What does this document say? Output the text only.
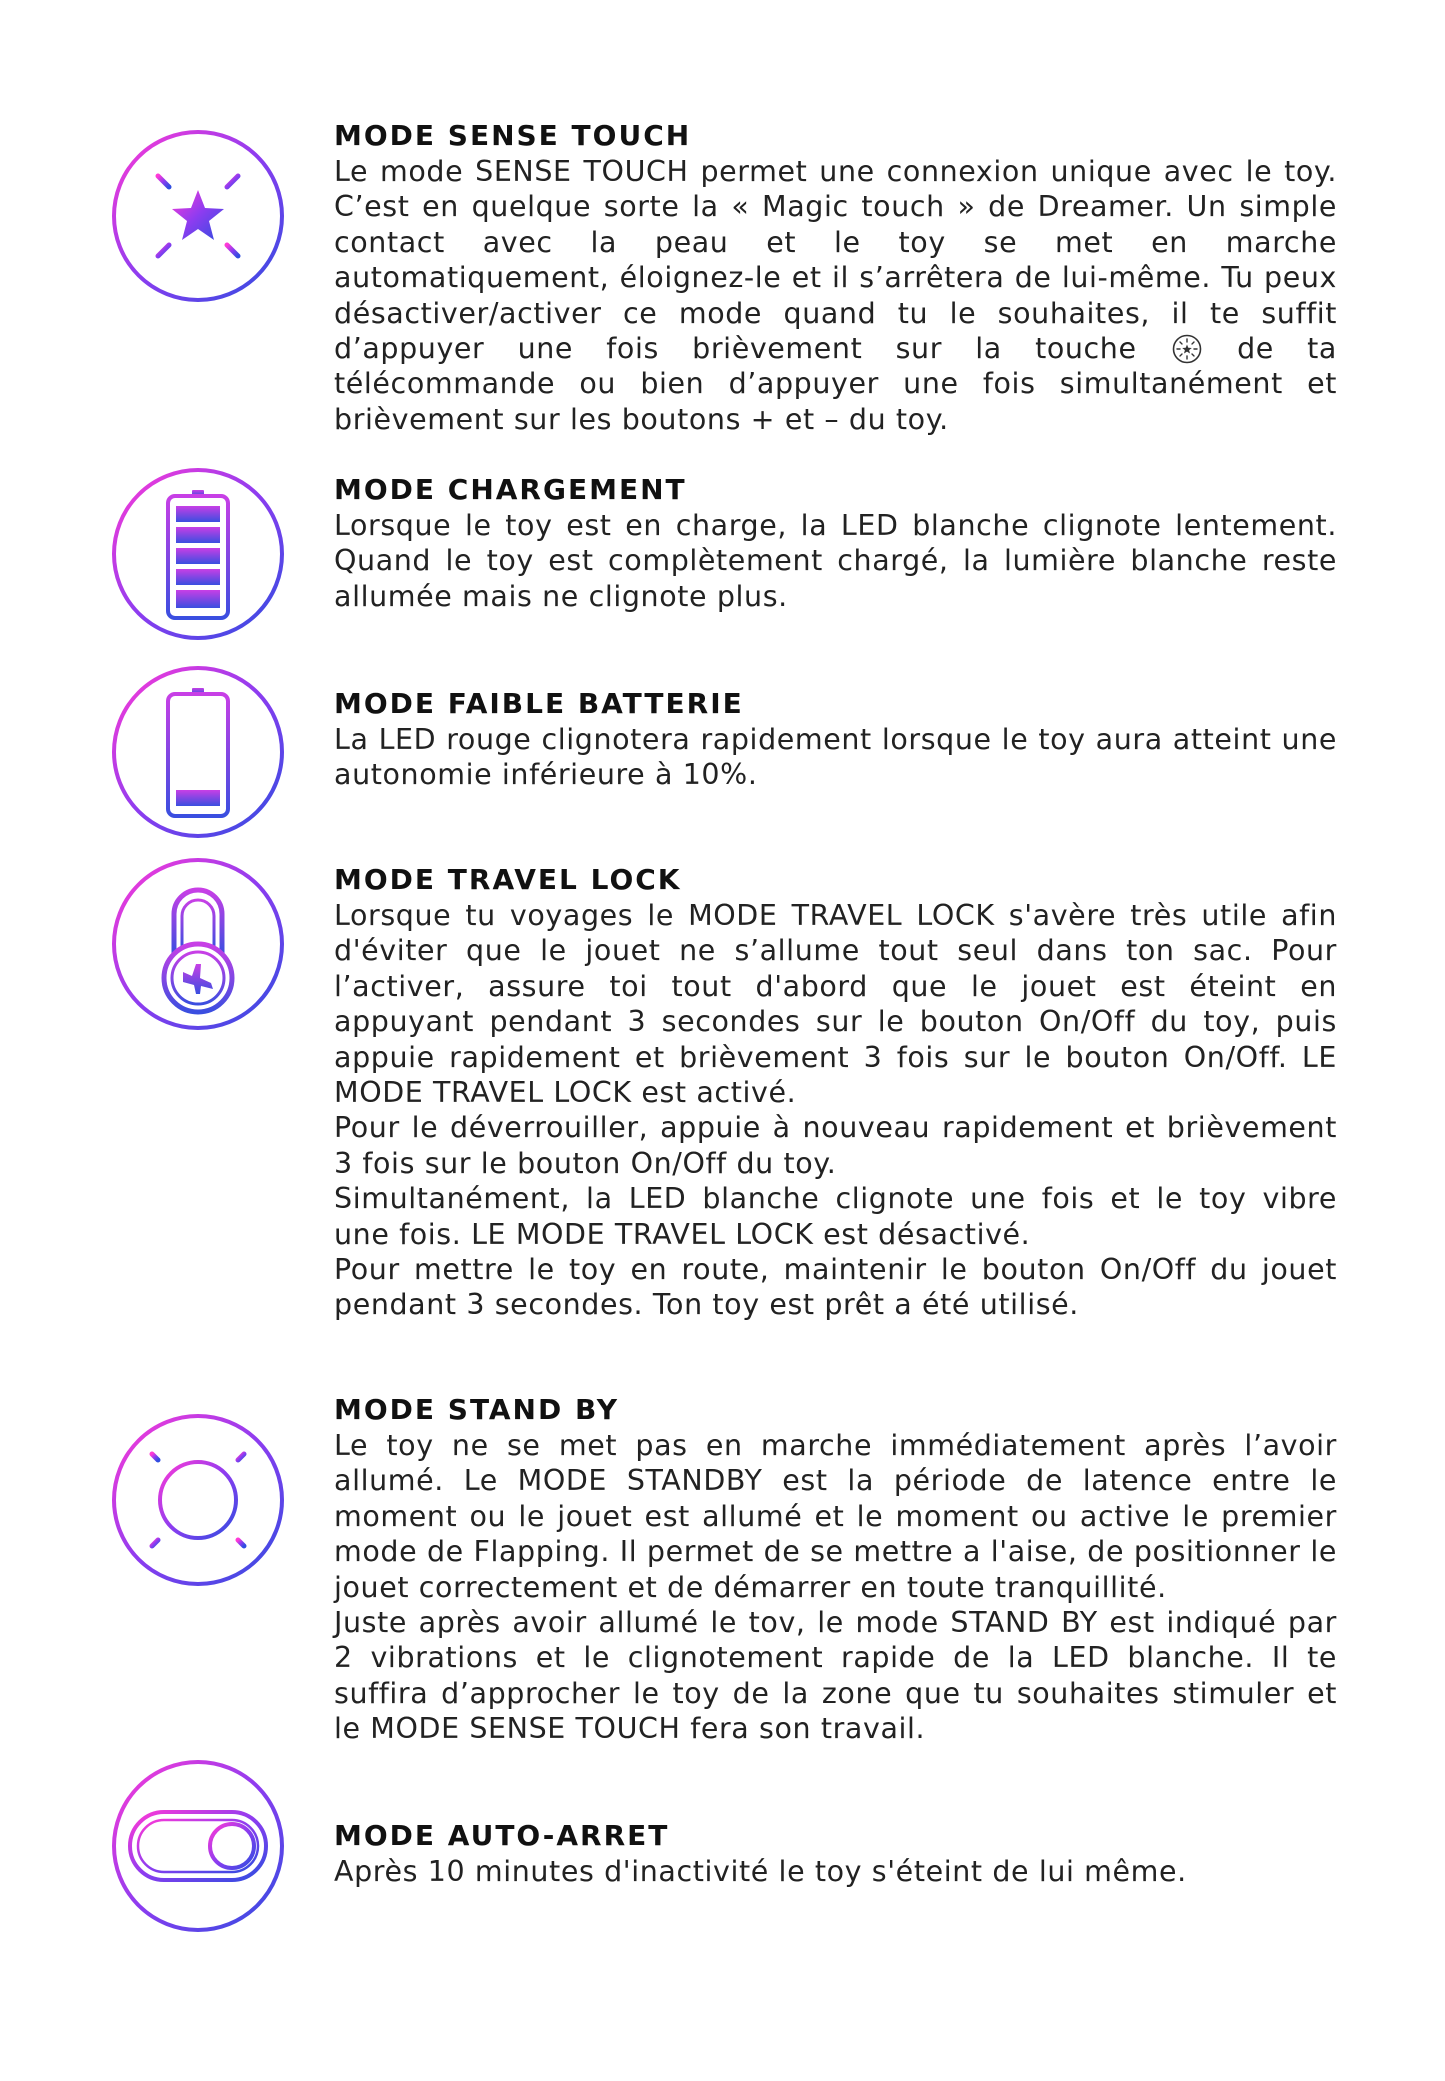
MODE SENSE TOUCH

Le mode SENSE TOUCH permet une connexion unique avec le toy. C’est en quelque sorte la « Magic touch » de Dreamer. Un simple contact avec la peau et le toy se met en marche automatiquement, éloignez-le et il s’arrêtera de lui-même. Tu peux désactiver/activer ce mode quand tu le souhaites, il te suffit d’appuyer une fois brièvement sur la touche	de ta télécommande ou bien d’appuyer une fois simultanément et brièvement sur les boutons + et – du toy.

MODE CHARGEMENT

Lorsque le toy est en charge, la LED blanche clignote lentement. Quand le toy est complètement chargé, la lumière blanche reste allumée mais ne clignote plus.

MODE FAIBLE BATTERIE

La LED rouge clignotera rapidement lorsque le toy aura atteint une autonomie inférieure à 10%.

MODE TRAVEL LOCK

Lorsque tu voyages le MODE TRAVEL LOCK s'avère très utile afin d'éviter que le jouet ne s’allume tout seul dans ton sac. Pour l’activer, assure toi tout d'abord que le jouet est éteint en appuyant pendant 3 secondes sur le bouton On/Off du toy, puis appuie rapidement et brièvement 3 fois sur le bouton On/Off. LE MODE TRAVEL LOCK est activé.

Pour le déverrouiller, appuie à nouveau rapidement et brièvement 3 fois sur le bouton On/Off du toy.

Simultanément, la LED blanche clignote une fois et le toy vibre une fois. LE MODE TRAVEL LOCK est désactivé.

Pour mettre le toy en route, maintenir le bouton On/Off du jouet pendant 3 secondes. Ton toy est prêt a été utilisé.

MODE STAND BY

Le toy ne se met pas en marche immédiatement après l’avoir allumé. Le MODE STANDBY est la période de latence entre le moment ou le jouet est allumé et le moment ou active le premier mode de Flapping. Il permet de se mettre a l'aise, de positionner le jouet correctement et de démarrer en toute tranquillité.

Juste après avoir allumé le tov, le mode STAND BY est indiqué par 2 vibrations et le clignotement rapide de la LED blanche. Il te suffira d’approcher le toy de la zone que tu souhaites stimuler et le MODE SENSE TOUCH fera son travail.

MODE AUTO-ARRET

Après 10 minutes d'inactivité le toy s'éteint de lui même.
